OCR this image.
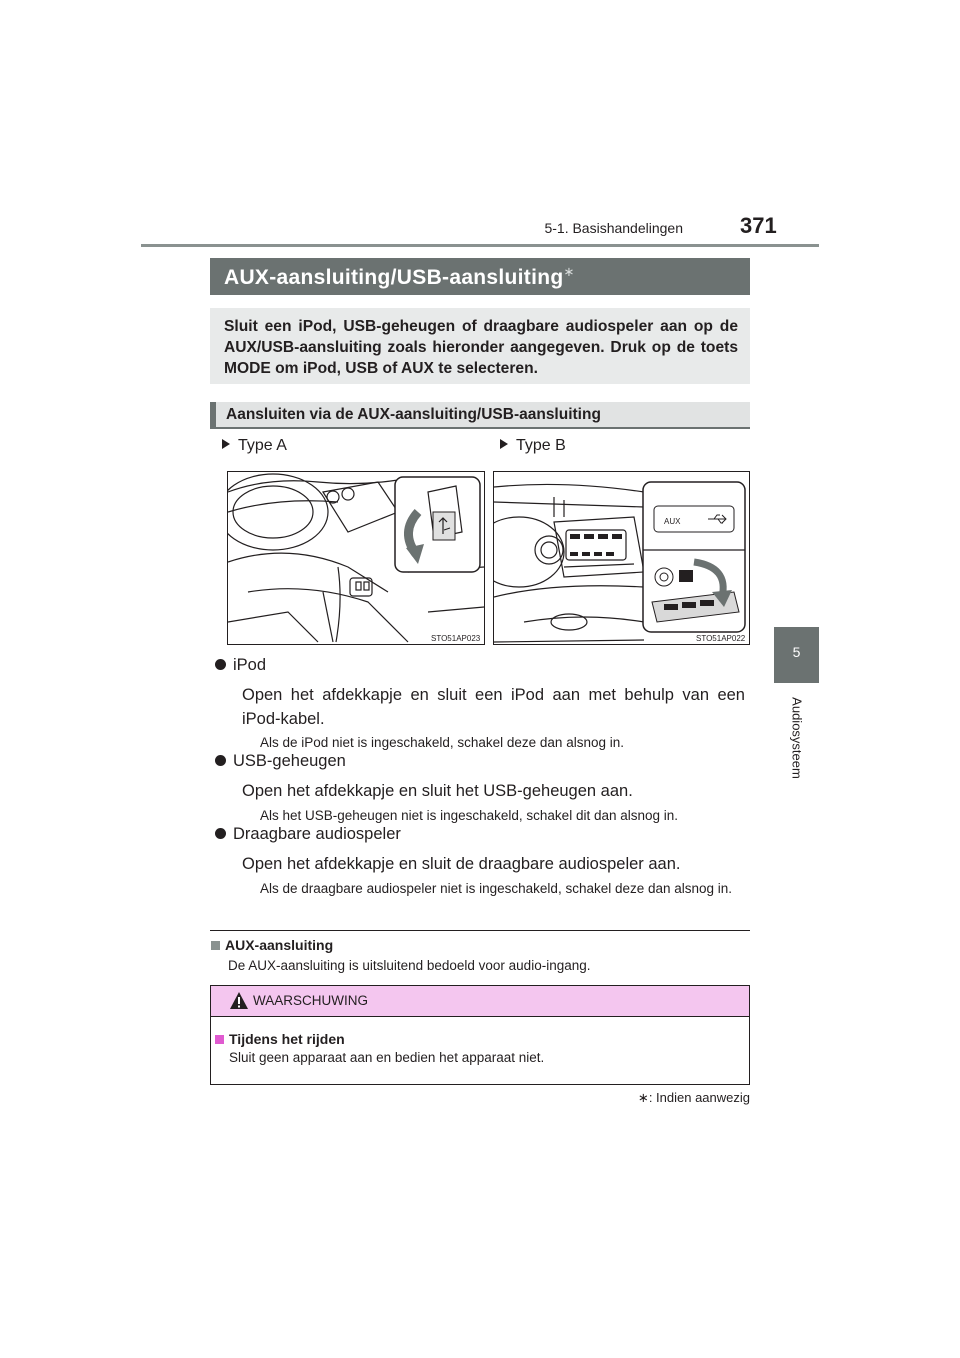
5-1. Basishandelingen	371
5
Audiosysteem
AUX-aansluiting/USB-aansluiting∗

Sluit een iPod, USB-geheugen of draagbare audiospeler aan op de AUX/USB-aansluiting zoals hieronder aangegeven. Druk op de toets MODE om iPod, USB of AUX te selecteren.

Aansluiten via de AUX-aansluiting/USB-aansluiting
Type A	Type B
STO51AP023
AUX
STO51AP022
iPod
Open het afdekkapje en sluit een iPod aan met behulp van een iPod-kabel.
Als de iPod niet is ingeschakeld, schakel deze dan alsnog in.
USB-geheugen
Open het afdekkapje en sluit het USB-geheugen aan.
Als het USB-geheugen niet is ingeschakeld, schakel dit dan alsnog in.
Draagbare audiospeler
Open het afdekkapje en sluit de draagbare audiospeler aan.
Als de draagbare audiospeler niet is ingeschakeld, schakel deze dan alsnog in.
AUX-aansluiting
De AUX-aansluiting is uitsluitend bedoeld voor audio-ingang.
WAARSCHUWING
Tijdens het rijden
Sluit geen apparaat aan en bedien het apparaat niet.
∗: Indien aanwezig
